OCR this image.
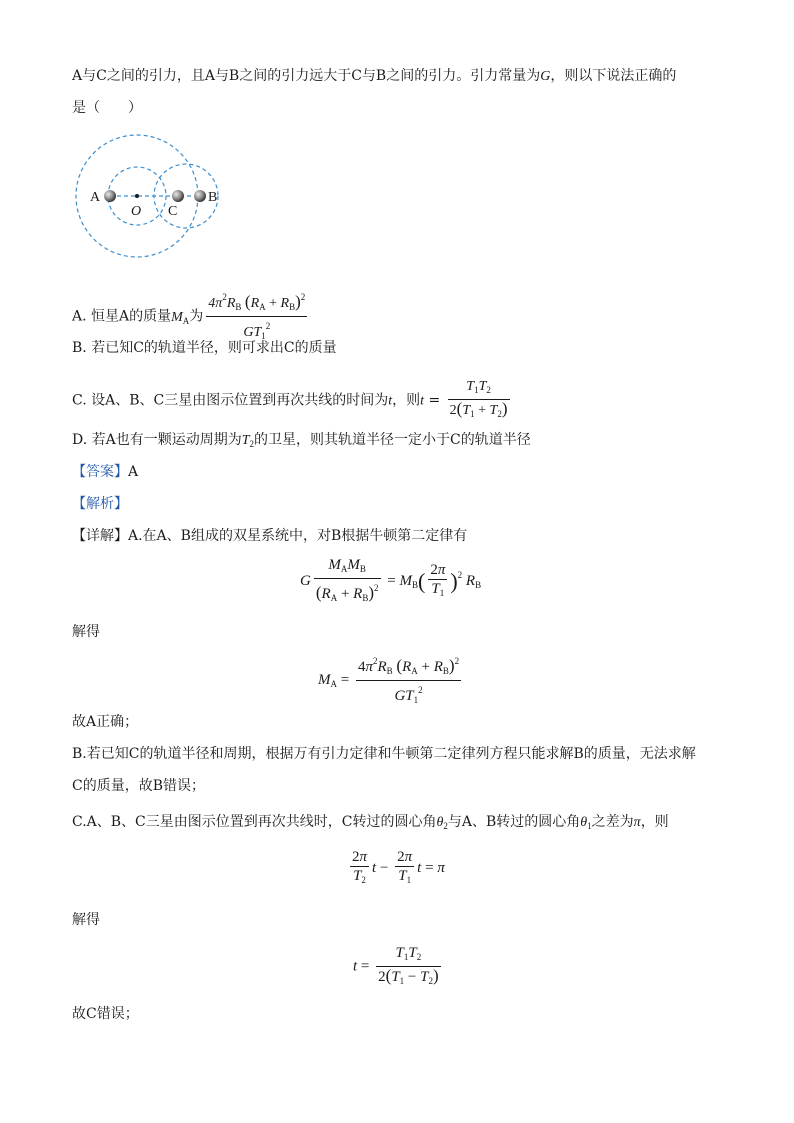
A与C之间的引力，且A与B之间的引力远大于C与B之间的引力。引力常量为G，则以下说法正确的
是（　　）
A
O C
B
A. 恒星A的质量$M_A$为 $\frac{4\pi^2R_B (R_A + R_B)^2}{GT_1^2}$
B. 若已知C的轨道半径，则可求出C的质量
C. 设A、B、C三星由图示位置到再次共线的时间为t，则$t = \frac{T_1T_2}{2(T_1 + T_2)}$
D. 若A也有一颗运动周期为$T_2$的卫星，则其轨道半径一定小于C的轨道半径
【答案】A
【解析】
【详解】A.在A、B组成的双星系统中，对B根据牛顿第二定律有
G $\frac{M_AM_B}{(R_A + R_B)^2} = M_B( \frac{2\pi}{T_1} )^2$ $R_B$
解得
$M_A = \frac{4\pi^2R_B (R_A + R_B)^2}{GT_1^2}$
故A正确；
B.若已知C的轨道半径和周期，根据万有引力定律和牛顿第二定律列方程只能求解B的质量，无法求解
C的质量，故B错误；
C.A、B、C三星由图示位置到再次共线时，C转过的圆心角$\theta_2$与A、B转过的圆心角$\theta_1$之差为π，则
$\frac{2\pi}{T_2}$ $t - \frac{2\pi}{T_1}$ t = π
解得
$t = \frac{T_1T_2}{2(T_1 - T_2)}$
故C错误；
